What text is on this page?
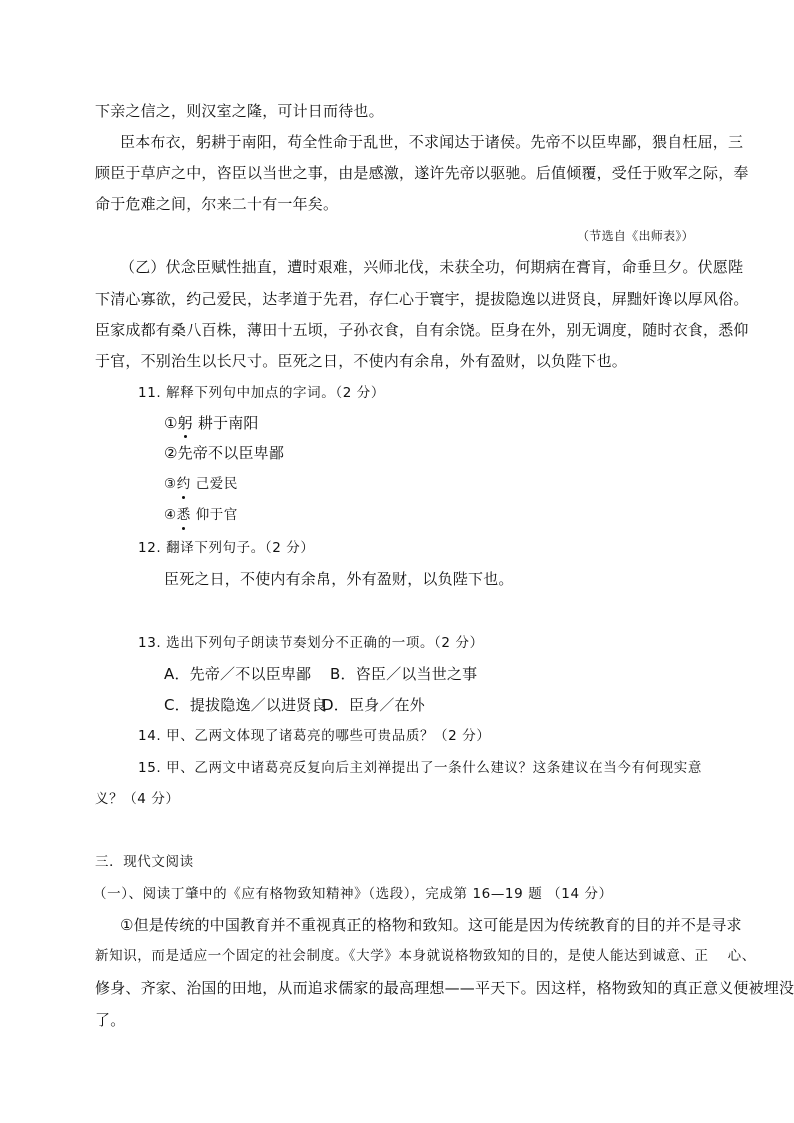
下亲之信之，则汉室之隆，可计日而待也。
臣本布衣，躬耕于南阳，苟全性命于乱世，不求闻达于诸侯。先帝不以臣卑鄙，猥自枉屈，三
顾臣于草庐之中，咨臣以当世之事，由是感激，遂许先帝以驱驰。后值倾覆，受任于败军之际，奉
命于危难之间，尔来二十有一年矣。
（节选自《出师表》）
（乙）伏念臣赋性拙直，遭时艰难，兴师北伐，未获全功，何期病在膏肓，命垂旦夕。伏愿陛
下清心寡欲，约己爱民，达孝道于先君，存仁心于寰宇，提拔隐逸以进贤良，屏黜奸谗以厚风俗。
臣家成都有桑八百株，薄田十五顷，子孙衣食，自有余饶。臣身在外，别无调度，随时衣食，悉仰
于官，不别治生以长尺寸。臣死之日，不使内有余帛，外有盈财，以负陛下也。
11. 解释下列句中加点的字词。（2 分）
①躬 耕于南阳
②先帝不以臣卑鄙
③约 己爱民
④悉 仰于官
12. 翻译下列句子。（2 分）
臣死之日，不使内有余帛，外有盈财，以负陛下也。
13. 选出下列句子朗读节奏划分不正确的一项。（2 分）
A．先帝／不以臣卑鄙 B．咨臣／以当世之事
C．提拔隐逸／以进贤良
D．臣身／在外
14. 甲、乙两文体现了诸葛亮的哪些可贵品质？（2 分）
15. 甲、乙两文中诸葛亮反复向后主刘禅提出了一条什么建议？这条建议在当今有何现实意
义？（4 分）
三．现代文阅读
（一）、阅读丁肇中的《应有格物致知精神》（选段），完成第 16—19 题 （14 分）
①但是传统的中国教育并不重视真正的格物和致知。这可能是因为传统教育的目的并不是寻求
新知识，而是适应一个固定的社会制度。《大学》本身就说格物致知的目的，是使人能达到诚意、正　 心、
修身、齐家、治国的田地，从而追求儒家的最高理想——平天下。因这样，格物致知的真正意义便被埋没
了。
